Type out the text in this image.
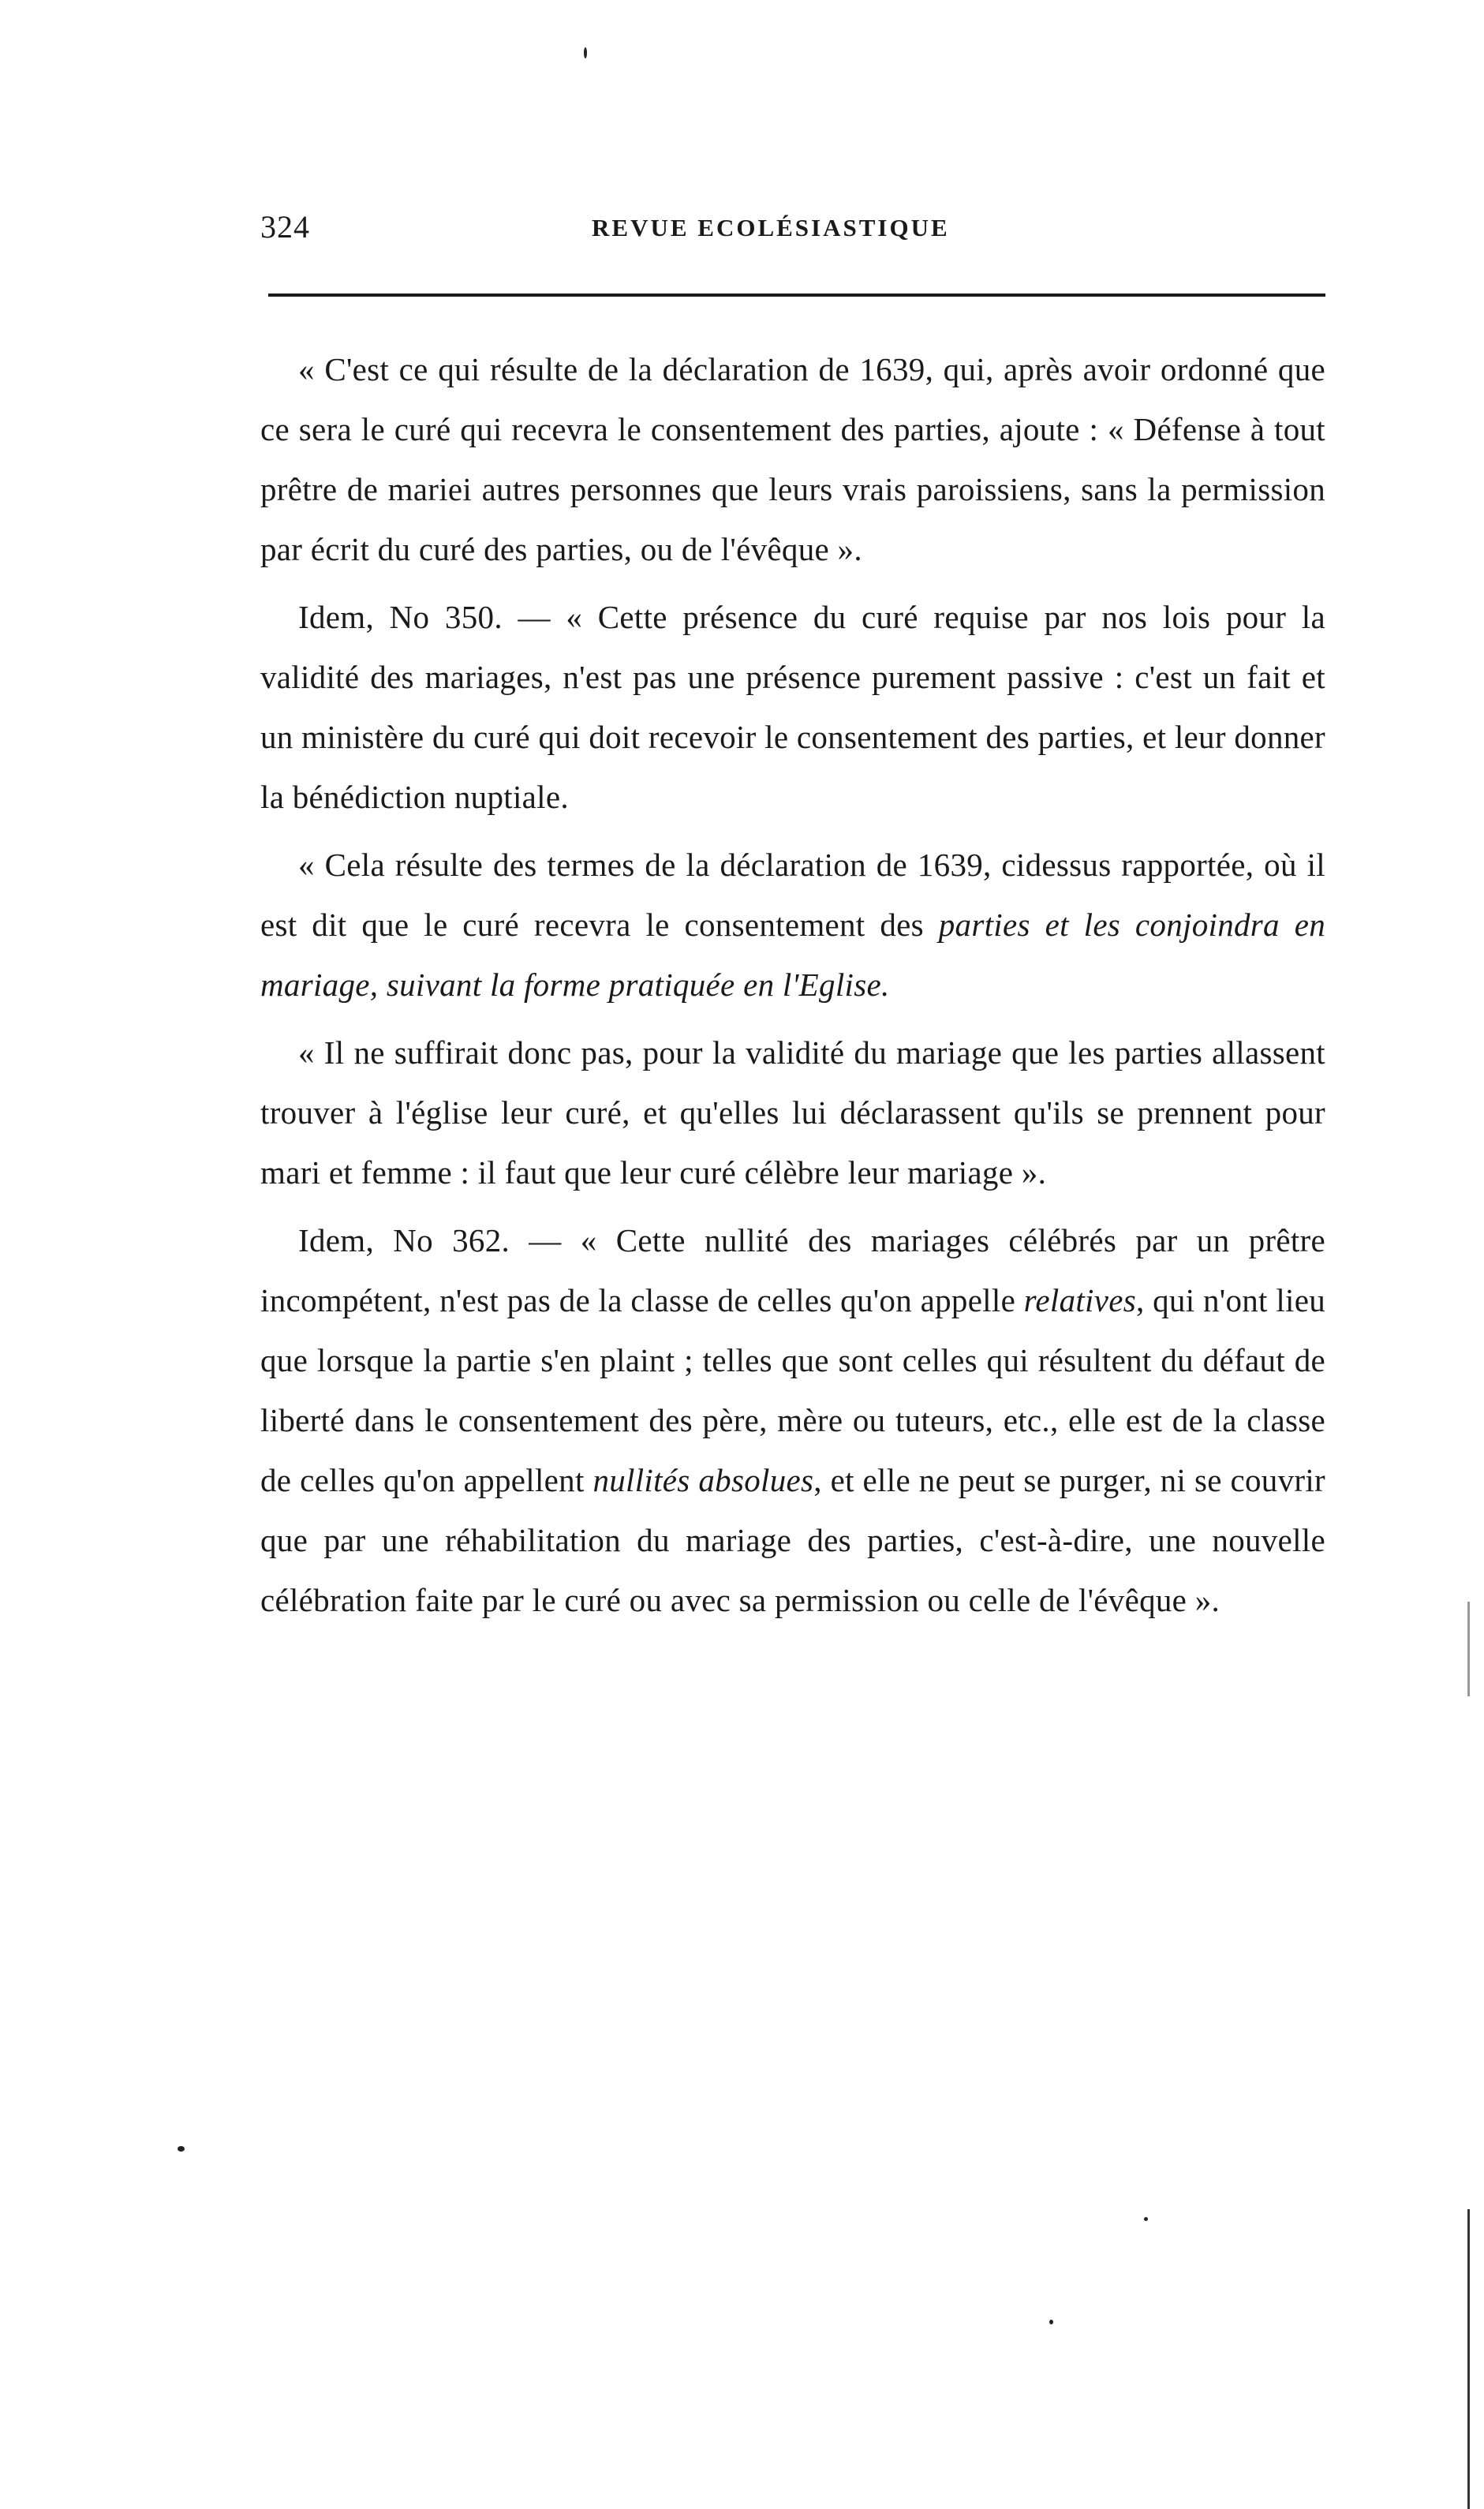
324	REVUE ECOLÉSIASTIQUE

« C'est ce qui résulte de la déclaration de 1639, qui, après avoir ordonné que ce sera le curé qui recevra le consentement des parties, ajoute : « Défense à tout prêtre de mariei autres personnes que leurs vrais paroissiens, sans la permission par écrit du curé des parties, ou de l'évêque ».

Idem, No 350. — « Cette présence du curé requise par nos lois pour la validité des mariages, n'est pas une présence purement passive : c'est un fait et un ministère du curé qui doit recevoir le consentement des parties, et leur donner la bénédiction nuptiale.

« Cela résulte des termes de la déclaration de 1639, cidessus rapportée, où il est dit que le curé recevra le consentement des parties et les conjoindra en mariage, suivant la forme pratiquée en l'Eglise.

« Il ne suffirait donc pas, pour la validité du mariage que les parties allassent trouver à l'église leur curé, et qu'elles lui déclarassent qu'ils se prennent pour mari et femme : il faut que leur curé célèbre leur mariage ».

Idem, No 362. — « Cette nullité des mariages célébrés par un prêtre incompétent, n'est pas de la classe de celles qu'on appelle relatives, qui n'ont lieu que lorsque la partie s'en plaint ; telles que sont celles qui résultent du défaut de liberté dans le consentement des père, mère ou tuteurs, etc., elle est de la classe de celles qu'on appellent nullités absolues, et elle ne peut se purger, ni se couvrir que par une réhabilitation du mariage des parties, c'est-à-dire, une nouvelle célébration faite par le curé ou avec sa permission ou celle de l'évêque ».
